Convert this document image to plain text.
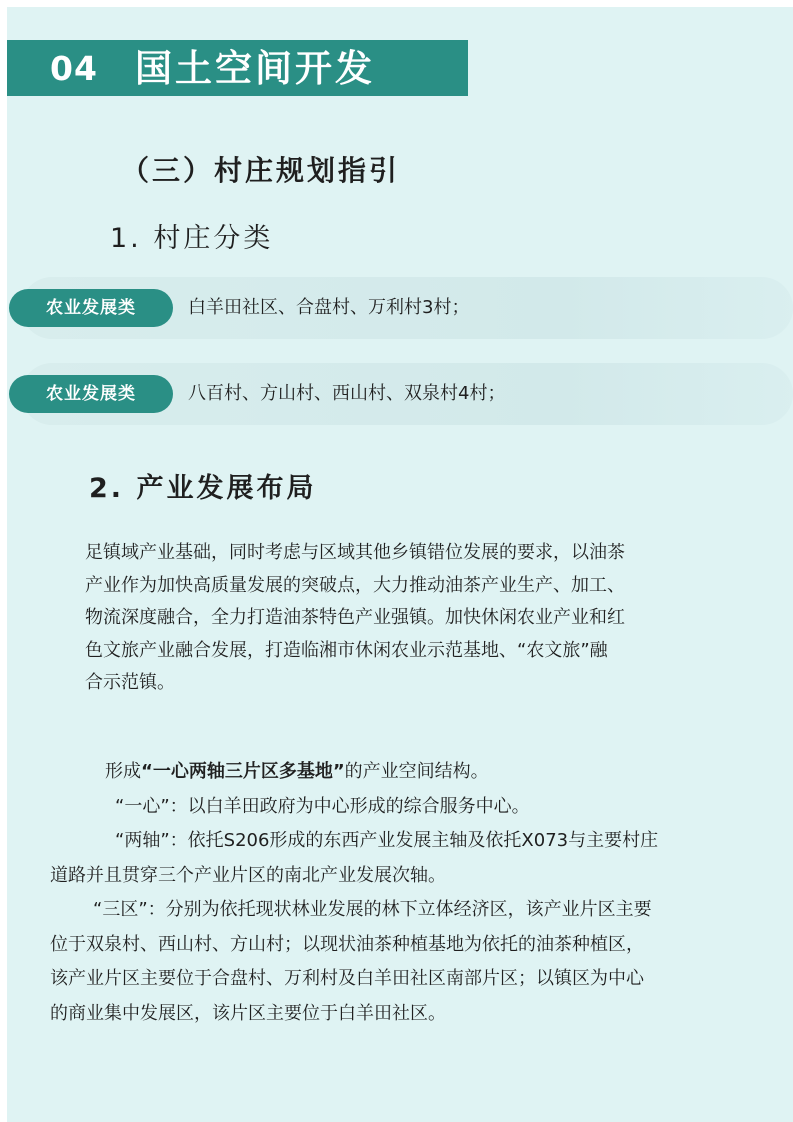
04 国土空间开发
（三）村庄规划指引
1. 村庄分类
农业发展类	白羊田社区、合盘村、万利村3村；
农业发展类	八百村、方山村、西山村、双泉村4村；
2. 产业发展布局
足镇域产业基础，同时考虑与区域其他乡镇错位发展的要求，以油茶
产业作为加快高质量发展的突破点，大力推动油茶产业生产、加工、
物流深度融合，全力打造油茶特色产业强镇。加快休闲农业产业和红
色文旅产业融合发展，打造临湘市休闲农业示范基地、“农文旅”融
合示范镇。
形成“一心两轴三片区多基地”的产业空间结构。
“一心”：以白羊田政府为中心形成的综合服务中心。
“两轴”：依托S206形成的东西产业发展主轴及依托X073与主要村庄
道路并且贯穿三个产业片区的南北产业发展次轴。
“三区”：分别为依托现状林业发展的林下立体经济区，该产业片区主要
位于双泉村、西山村、方山村；以现状油茶种植基地为依托的油茶种植区，
该产业片区主要位于合盘村、万利村及白羊田社区南部片区；以镇区为中心
的商业集中发展区，该片区主要位于白羊田社区。
